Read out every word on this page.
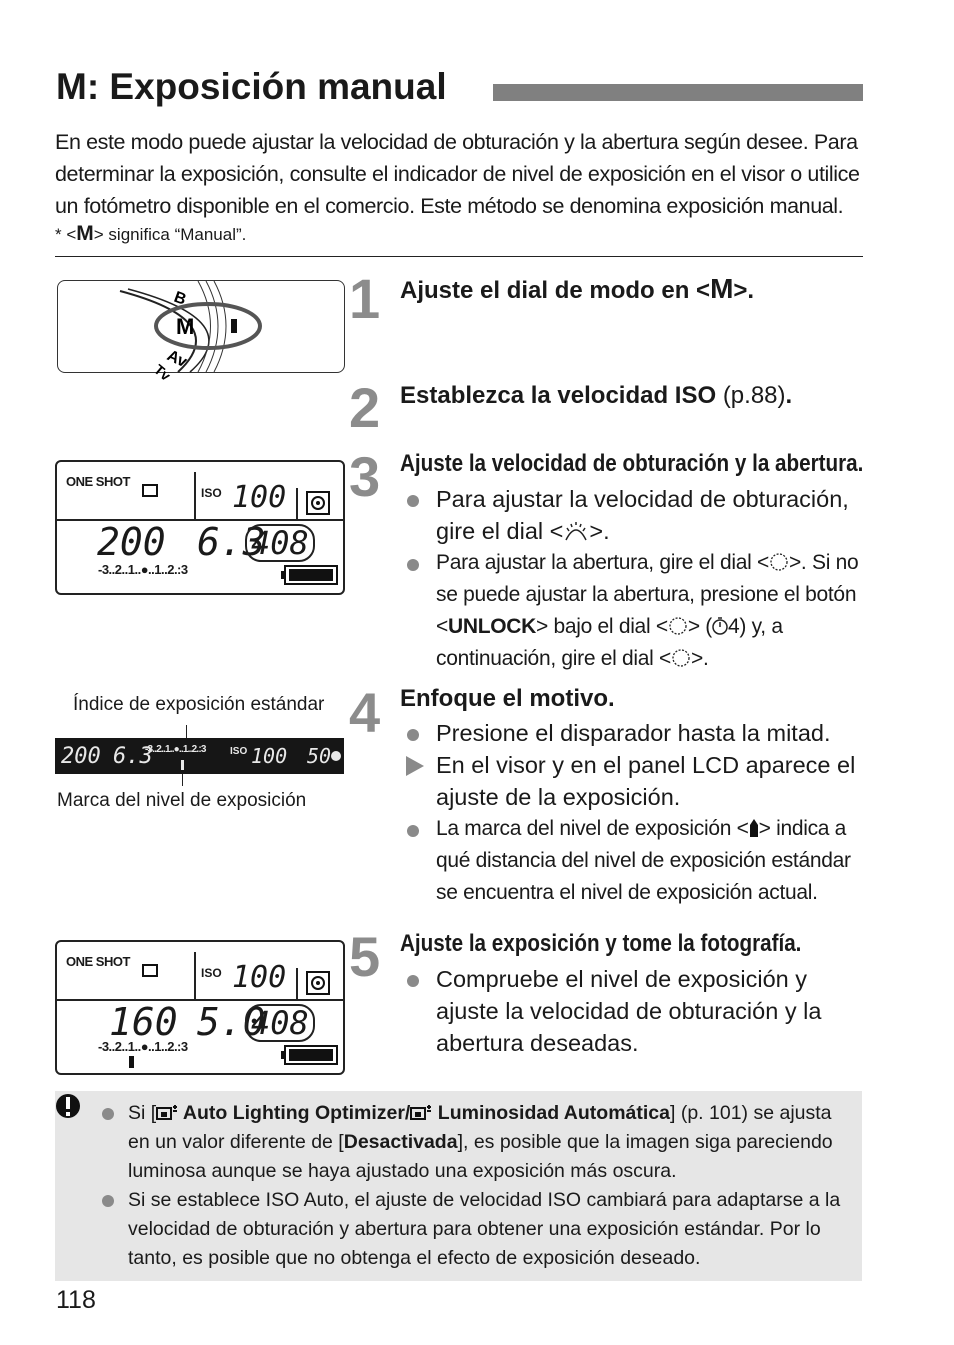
M: Exposición manual
En este modo puede ajustar la velocidad de obturación y la abertura según desee. Para determinar la exposición, consulte el indicador de nivel de exposición en el visor o utilice un fotómetro disponible en el comercio. Este método se denomina exposición manual.
* <M> significa “Manual”.
B
Av
Tv
M	1 Ajuste el dial de modo en <M>.
2 Establezca la velocidad ISO (p.88).
ONE SHOT
ISO 100
200 6.3
408
-3..2..1..●..1..2.:3
3 Ajuste la velocidad de obturación y la abertura.
Para ajustar la velocidad de obturación, gire el dial < >.
Para ajustar la abertura, gire el dial < >. Si no se puede ajustar la abertura, presione el botón <UNLOCK> bajo el dial < > ( 4) y, a continuación, gire el dial < >.
Índice de exposición estándar
200 6.3
-3..2..1..●..1..2.:3 ISO 100 50
Marca del nivel de exposición
4 Enfoque el motivo.
Presione el disparador hasta la mitad.
En el visor y en el panel LCD aparece el ajuste de la exposición.
La marca del nivel de exposición < > indica a qué distancia del nivel de exposición estándar se encuentra el nivel de exposición actual.
ONE SHOT
ISO 100
160 5.0
408
-3..2..1..●..1..2.:3
5 Ajuste la exposición y tome la fotografía.
Compruebe el nivel de exposición y ajuste la velocidad de obturación y la abertura deseadas.
Si [ Auto Lighting Optimizer/ Luminosidad Automática] (p. 101) se ajusta en un valor diferente de [Desactivada], es posible que la imagen siga pareciendo luminosa aunque se haya ajustado una exposición más oscura.
Si se establece ISO Auto, el ajuste de velocidad ISO cambiará para adaptarse a la velocidad de obturación y abertura para obtener una exposición estándar. Por lo tanto, es posible que no obtenga el efecto de exposición deseado.
118
